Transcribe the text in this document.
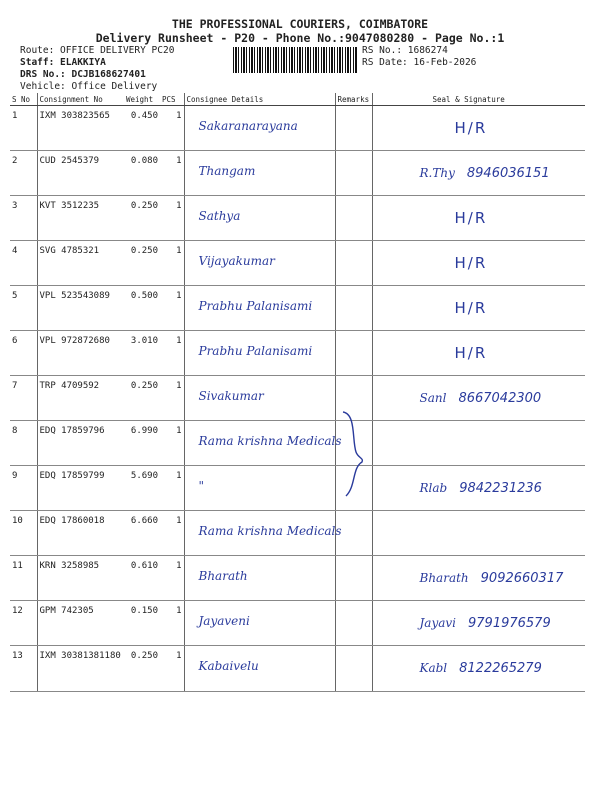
THE PROFESSIONAL COURIERS, COIMBATORE
Delivery Runsheet - P20 - Phone No.:9047080280 - Page No.:1
Route: OFFICE DELIVERY PC20
Staff: ELAKKIYA
DRS No.: DCJB168627401
Vehicle: Office Delivery
RS No.: 1686274
RS Date: 16-Feb-2026
S No	Consignment No	Weight	PCS	Consignee Details	Remarks	Seal & Signature
1	IXM 303823565	0.450	1	Sakaranarayana		H/R
2	CUD 2545379	0.080	1	Thangam		R.Thy 8946036151
3	KVT 3512235	0.250	1	Sathya		H/R
4	SVG 4785321	0.250	1	Vijayakumar		H/R
5	VPL 523543089	0.500	1	Prabhu Palanisami		H/R
6	VPL 972872680	3.010	1	Prabhu Palanisami		H/R
7	TRP 4709592	0.250	1	Sivakumar		Sanl 8667042300
8	EDQ 17859796	6.990	1	Rama krishna Medicals		

9	EDQ 17859799	5.690	1	"		Rlab 9842231236
10	EDQ 17860018	6.660	1	Rama krishna Medicals		

11	KRN 3258985	0.610	1	Bharath		Bharath 9092660317
12	GPM 742305	0.150	1	Jayaveni		Jayavi 9791976579
13	IXM 30381381180	0.250	1	Kabaivelu		Kabl 8122265279
